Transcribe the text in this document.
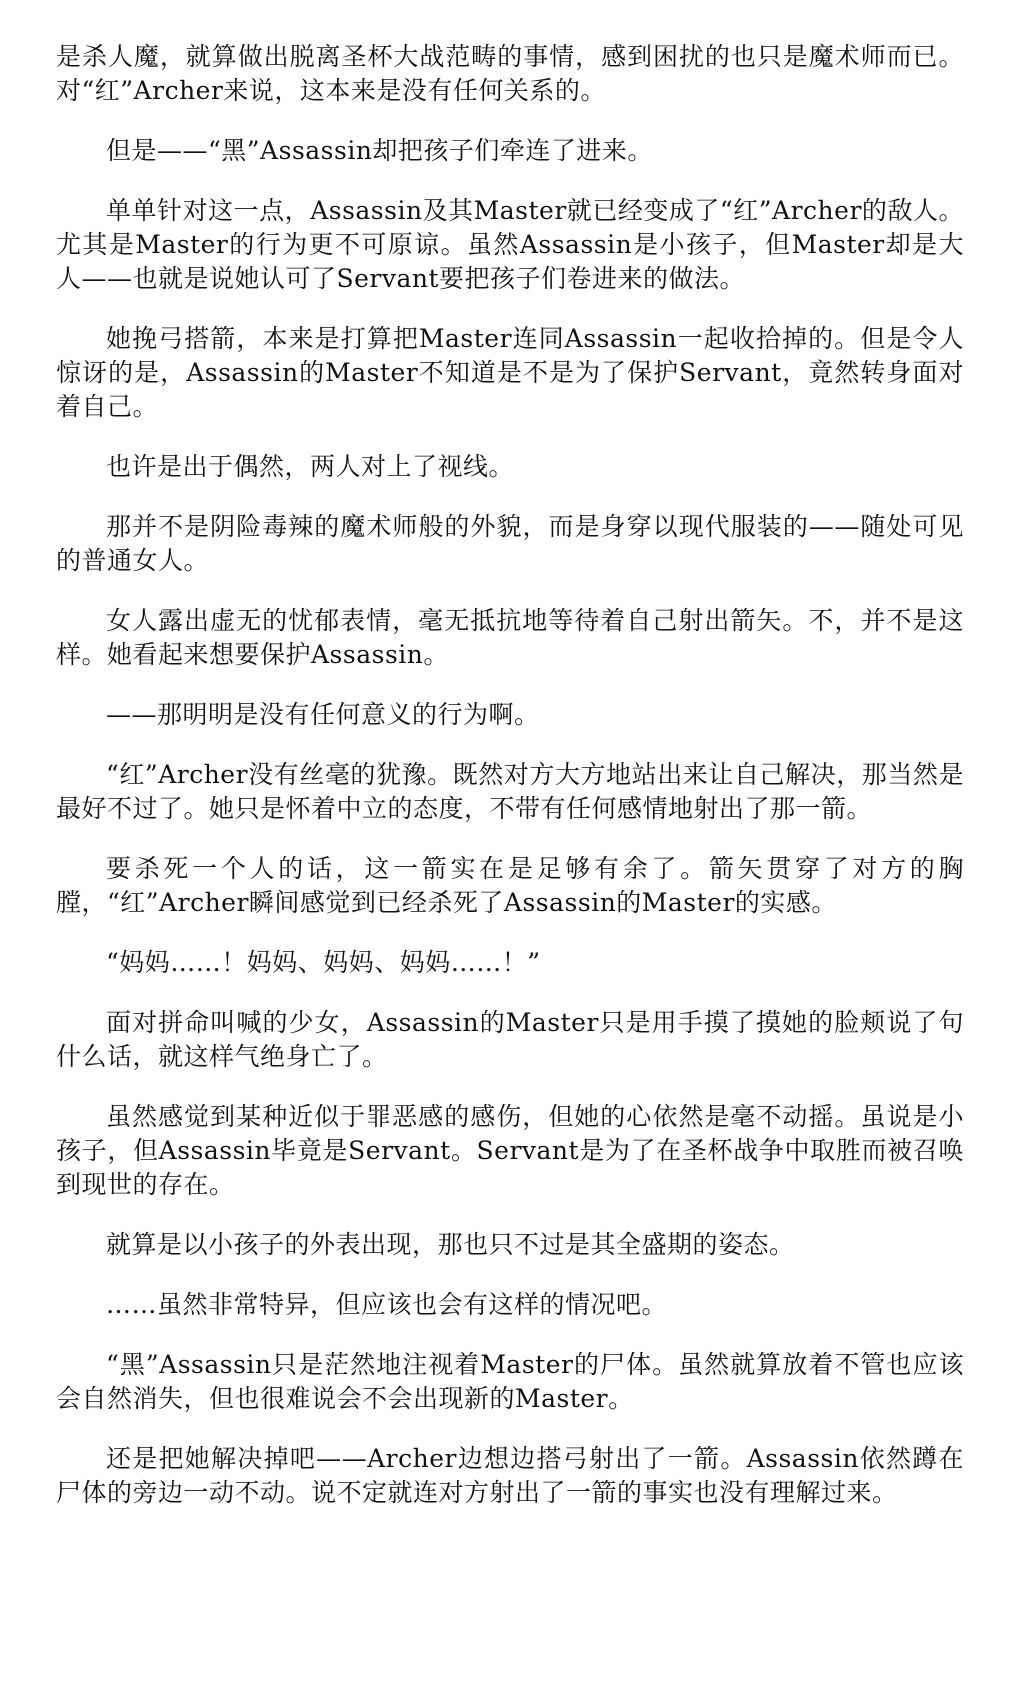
是杀人魔，就算做出脱离圣杯大战范畴的事情，感到困扰的也只是魔术师而已。对“红”Archer来说，这本来是没有任何关系的。

但是——“黑”Assassin却把孩子们牵连了进来。

单单针对这一点，Assassin及其Master就已经变成了“红”Archer的敌人。尤其是Master的行为更不可原谅。虽然Assassin是小孩子，但Master却是大人——也就是说她认可了Servant要把孩子们卷进来的做法。

她挽弓搭箭，本来是打算把Master连同Assassin一起收拾掉的。但是令人惊讶的是，Assassin的Master不知道是不是为了保护Servant，竟然转身面对着自己。

也许是出于偶然，两人对上了视线。

那并不是阴险毒辣的魔术师般的外貌，而是身穿以现代服装的——随处可见的普通女人。

女人露出虚无的忧郁表情，毫无抵抗地等待着自己射出箭矢。不，并不是这样。她看起来想要保护Assassin。

——那明明是没有任何意义的行为啊。

“红”Archer没有丝毫的犹豫。既然对方大方地站出来让自己解决，那当然是最好不过了。她只是怀着中立的态度，不带有任何感情地射出了那一箭。

要杀死一个人的话，这一箭实在是足够有余了。箭矢贯穿了对方的胸膛，“红”Archer瞬间感觉到已经杀死了Assassin的Master的实感。

“妈妈……！妈妈、妈妈、妈妈……！”

面对拼命叫喊的少女，Assassin的Master只是用手摸了摸她的脸颊说了句什么话，就这样气绝身亡了。

虽然感觉到某种近似于罪恶感的感伤，但她的心依然是毫不动摇。虽说是小孩子，但Assassin毕竟是Servant。Servant是为了在圣杯战争中取胜而被召唤到现世的存在。

就算是以小孩子的外表出现，那也只不过是其全盛期的姿态。

……虽然非常特异，但应该也会有这样的情况吧。

“黑”Assassin只是茫然地注视着Master的尸体。虽然就算放着不管也应该会自然消失，但也很难说会不会出现新的Master。

还是把她解决掉吧——Archer边想边搭弓射出了一箭。Assassin依然蹲在尸体的旁边一动不动。说不定就连对方射出了一箭的事实也没有理解过来。
